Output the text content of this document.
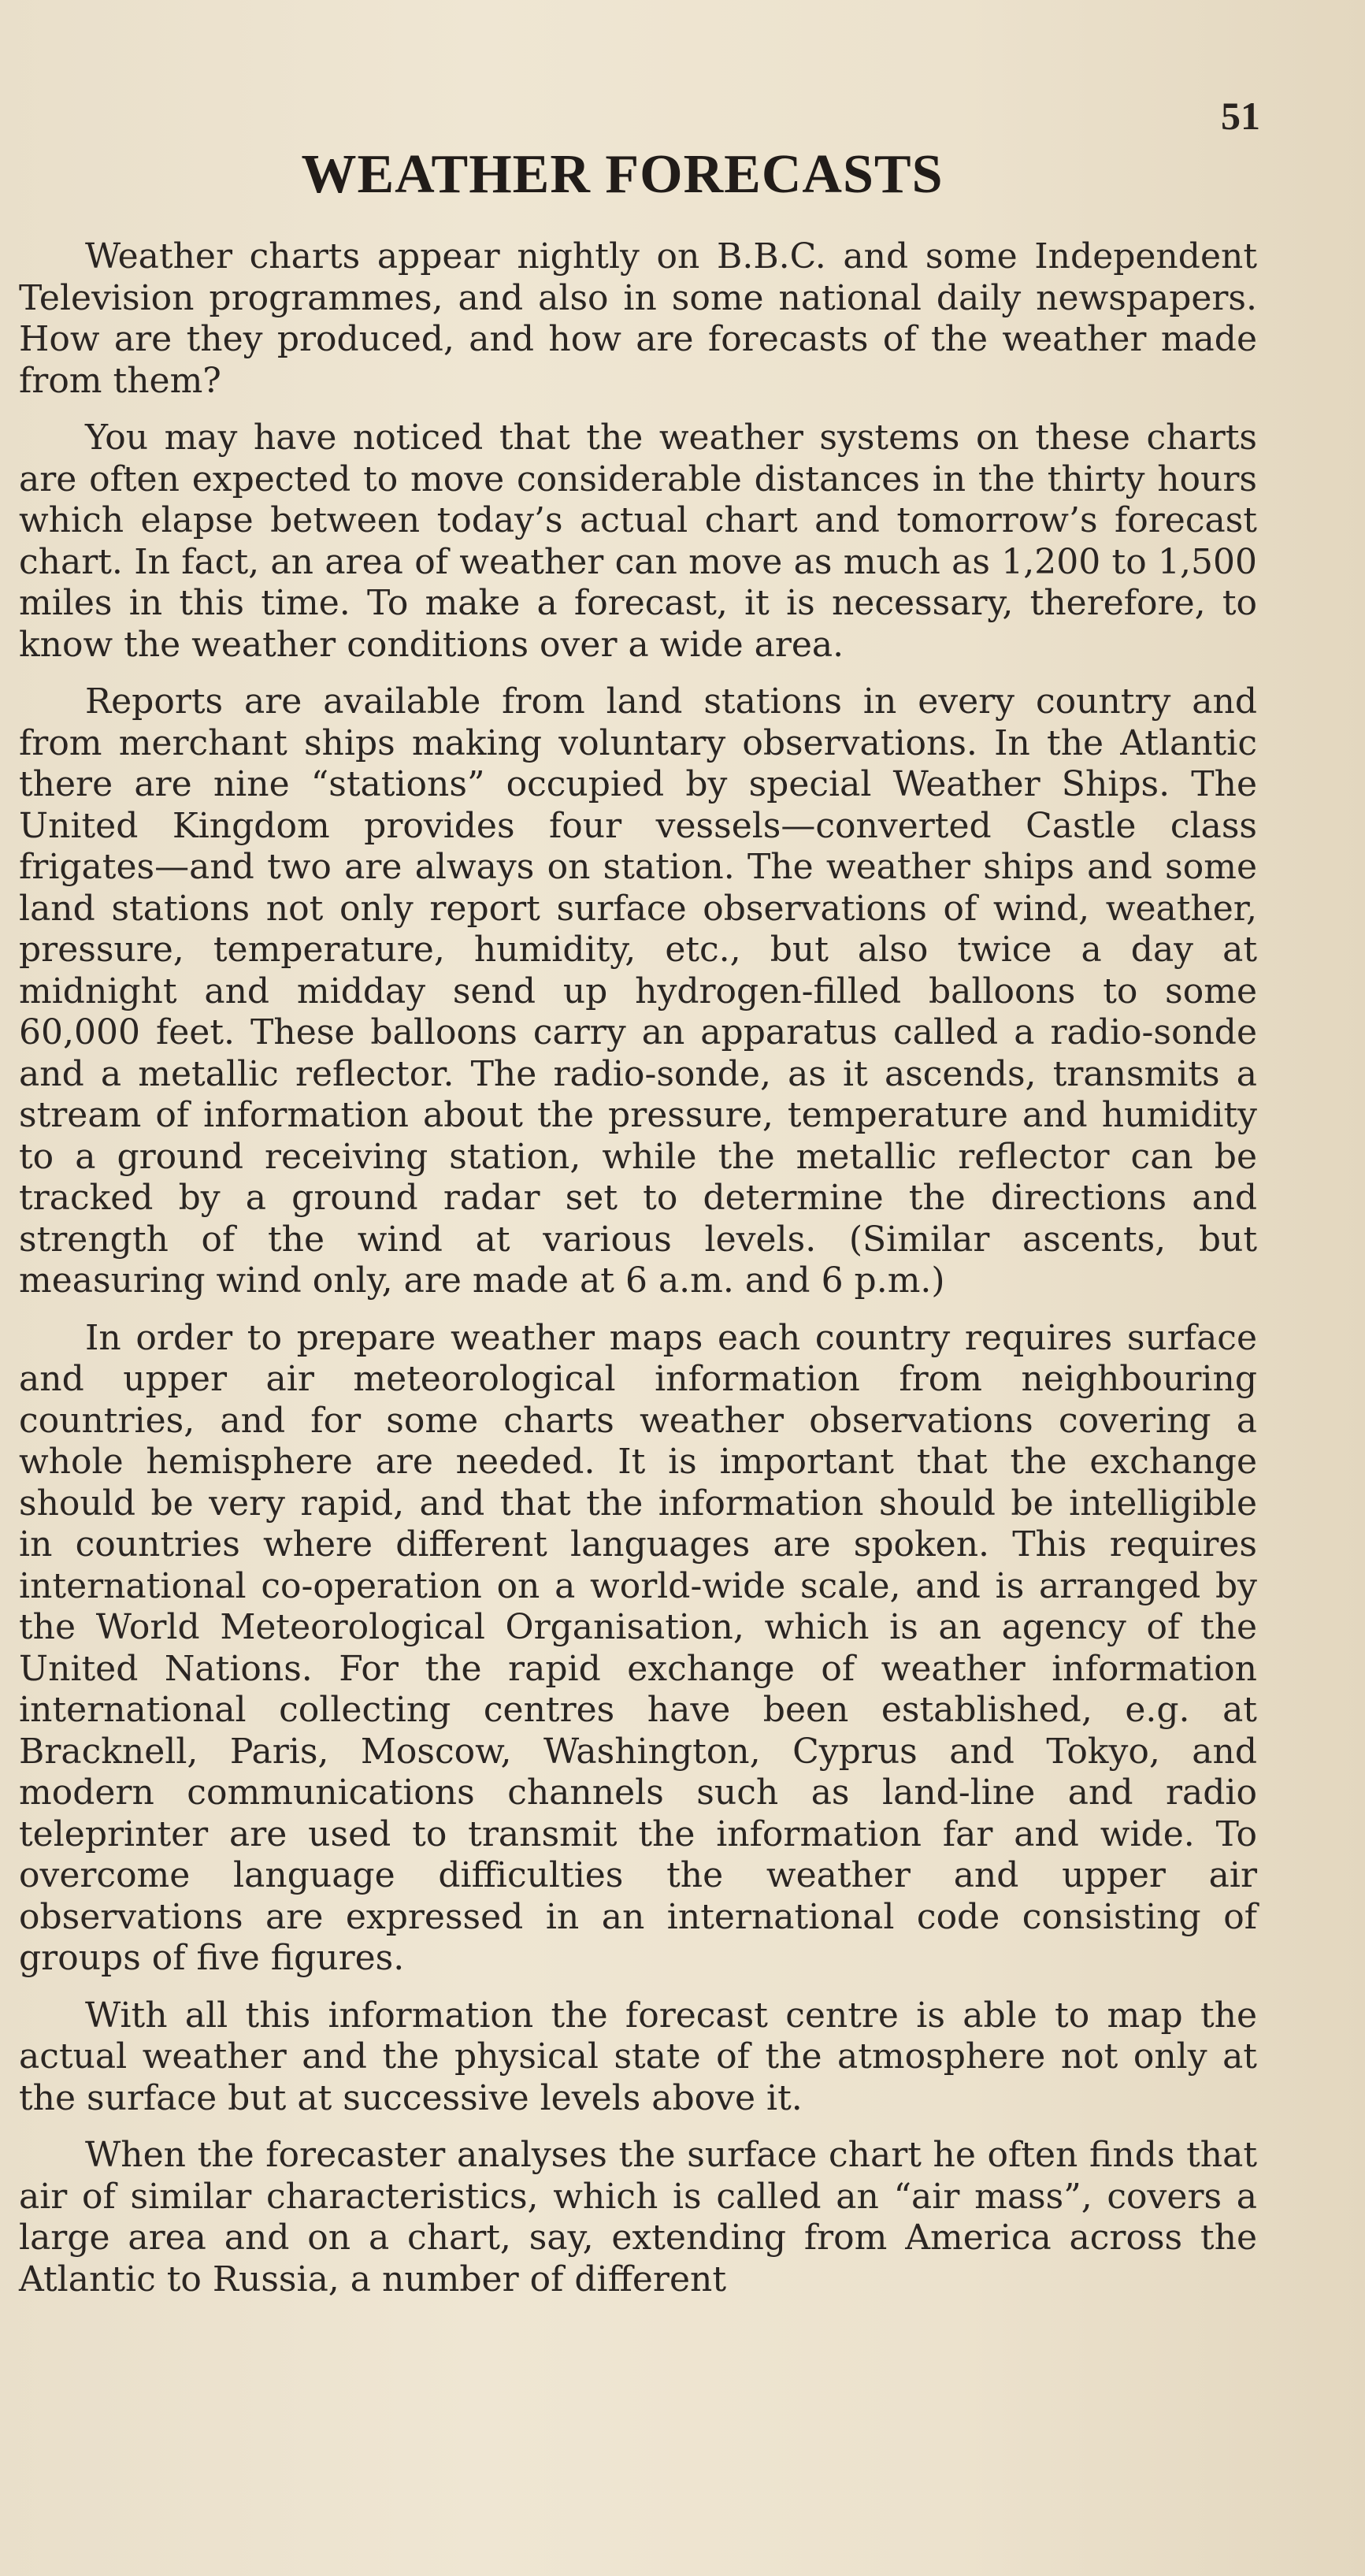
51
WEATHER FORECASTS

Weather charts appear nightly on B.B.C. and some Independent Television programmes, and also in some national daily newspapers. How are they produced, and how are forecasts of the weather made from them?

You may have noticed that the weather systems on these charts are often expected to move considerable distances in the thirty hours which elapse between today’s actual chart and tomorrow’s forecast chart. In fact, an area of weather can move as much as 1,200 to 1,500 miles in this time. To make a forecast, it is necessary, therefore, to know the weather conditions over a wide area.

Reports are available from land stations in every country and from merchant ships making voluntary observations. In the Atlantic there are nine “stations” occupied by special Weather Ships. The United Kingdom provides four vessels—converted Castle class frigates—and two are always on station. The weather ships and some land stations not only report surface observations of wind, weather, pressure, temperature, humidity, etc., but also twice a day at midnight and midday send up hydrogen-filled balloons to some 60,000 feet. These balloons carry an apparatus called a radio-sonde and a metallic reflector. The radio-sonde, as it ascends, transmits a stream of information about the pressure, temperature and humidity to a ground receiving station, while the metallic reflector can be tracked by a ground radar set to determine the directions and strength of the wind at various levels. (Similar ascents, but measuring wind only, are made at 6 a.m. and 6 p.m.)

In order to prepare weather maps each country requires surface and upper air meteorological information from neighbouring countries, and for some charts weather observations covering a whole hemisphere are needed. It is important that the exchange should be very rapid, and that the information should be intelligible in countries where different languages are spoken. This requires international co-operation on a world-wide scale, and is arranged by the World Meteorological Organisation, which is an agency of the United Nations. For the rapid exchange of weather information international collecting centres have been established, e.g. at Bracknell, Paris, Moscow, Washington, Cyprus and Tokyo, and modern communications channels such as land-line and radio teleprinter are used to transmit the information far and wide. To overcome language difficulties the weather and upper air observations are expressed in an international code consisting of groups of five figures.

With all this information the forecast centre is able to map the actual weather and the physical state of the atmosphere not only at the surface but at successive levels above it.

When the forecaster analyses the surface chart he often finds that air of similar characteristics, which is called an “air mass”, covers a large area and on a chart, say, extending from America across the Atlantic to Russia, a number of different
